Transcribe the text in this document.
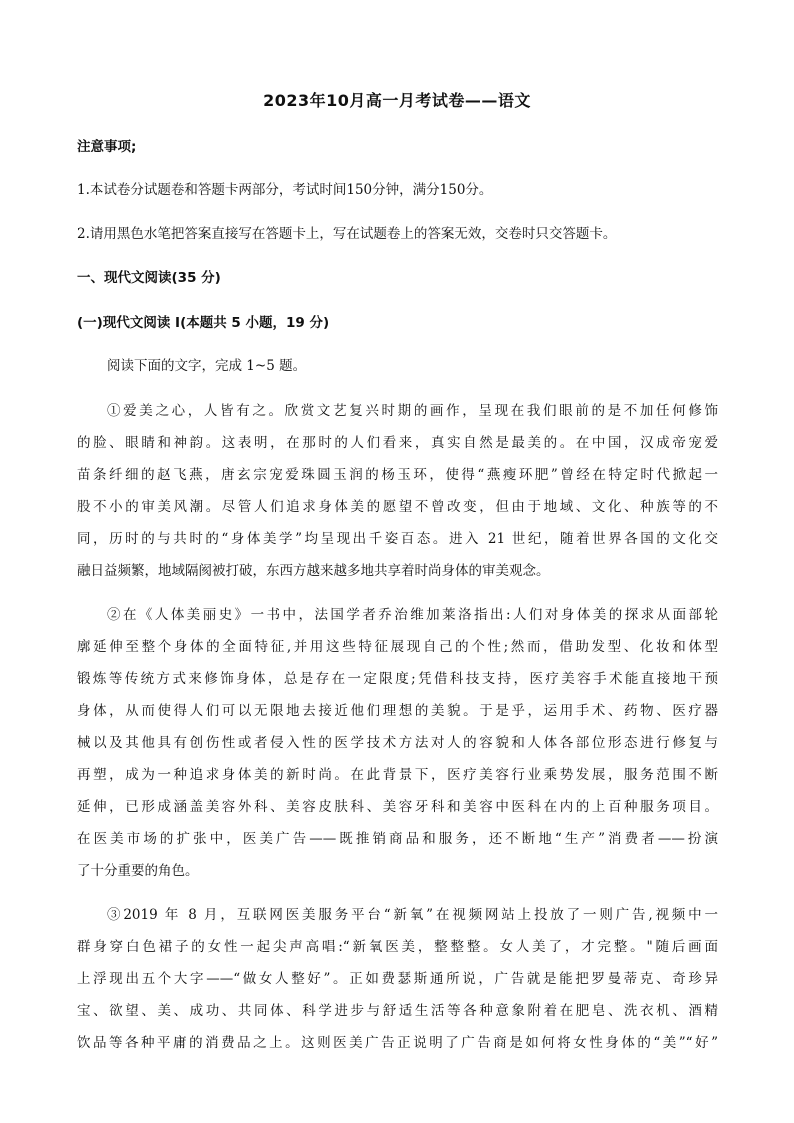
2023年10月高一月考试卷——语文
注意事项;
1.本试卷分试题卷和答题卡两部分，考试时间150分钟，满分150分。
2.请用黑色水笔把答案直接写在答题卡上，写在试题卷上的答案无效，交卷时只交答题卡。
一、现代文阅读(35 分)
(一)现代文阅读 I(本题共 5 小题，19 分)
阅读下面的文字，完成 1~5 题。
①爱美之心，人皆有之。欣赏文艺复兴时期的画作，呈现在我们眼前的是不加任何修饰
的脸、眼睛和神韵。这表明，在那时的人们看来，真实自然是最美的。在中国，汉成帝宠爱
苗条纤细的赵飞燕，唐玄宗宠爱珠圆玉润的杨玉环，使得“燕瘦环肥”曾经在特定时代掀起一
股不小的审美风潮。尽管人们追求身体美的愿望不曾改变，但由于地域、文化、种族等的不
同，历时的与共时的“身体美学”均呈现出千姿百态。进入 21 世纪，随着世界各国的文化交
融日益频繁，地域隔阂被打破，东西方越来越多地共享着时尚身体的审美观念。
②在《人体美丽史》一书中，法国学者乔治维加莱洛指出:人们对身体美的探求从面部轮
廓延伸至整个身体的全面特征,并用这些特征展现自己的个性;然而，借助发型、化妆和体型
锻炼等传统方式来修饰身体，总是存在一定限度;凭借科技支持，医疗美容手术能直接地干预
身体，从而使得人们可以无限地去接近他们理想的美貌。于是乎，运用手术、药物、医疗器
械以及其他具有创伤性或者侵入性的医学技术方法对人的容貌和人体各部位形态进行修复与
再塑，成为一种追求身体美的新时尚。在此背景下，医疗美容行业乘势发展，服务范围不断
延伸，已形成涵盖美容外科、美容皮肤科、美容牙科和美容中医科在内的上百种服务项目。
在医美市场的扩张中，医美广告——既推销商品和服务，还不断地“生产”消费者——扮演
了十分重要的角色。
③2019 年 8 月，互联网医美服务平台“新氧”在视频网站上投放了一则广告,视频中一
群身穿白色裙子的女性一起尖声高唱:“新氧医美，整整整。女人美了，才完整。"随后画面
上浮现出五个大字——“做女人整好”。正如费瑟斯通所说，广告就是能把罗曼蒂克、奇珍异
宝、欲望、美、成功、共同体、科学进步与舒适生活等各种意象附着在肥皂、洗衣机、酒精
饮品等各种平庸的消费品之上。这则医美广告正说明了广告商是如何将女性身体的“美”“好”
